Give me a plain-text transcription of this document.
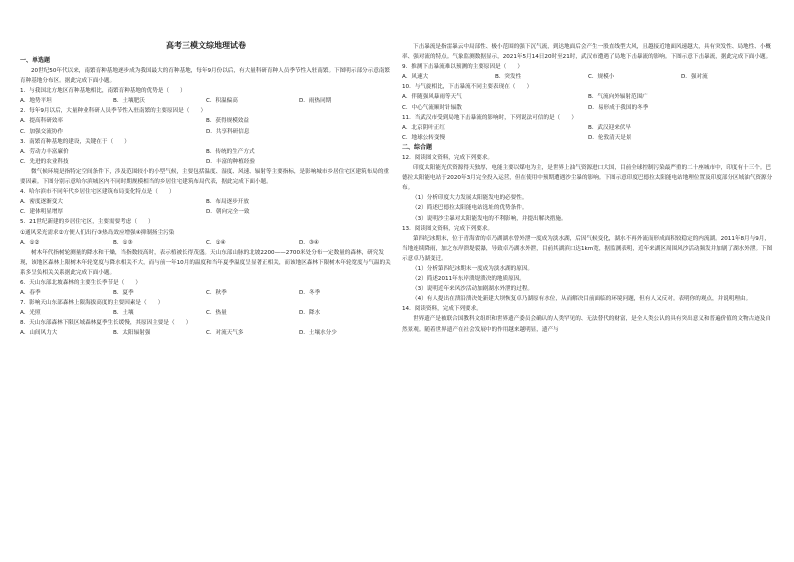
高考三模文综地理试卷
一、单选题

20世纪50年代以来，南繁育种基地逐步成为我国最大的育种基地，每年9月份以后，有大量科研育种人员季节性入驻南繁。下图明示部分示意南繁育种基地分布区。据此完成下面小题。

1．与我国北方地区育种基地相比，南繁育种基地的优势是（　　）

A．地势平坦	B．土壤肥沃	C．积温偏高	D．雨热同期

2．每年9月以后，大量种业科研人员季节性入驻南繁的主要原因是（　　）

A．提高科研效率	B．获得规模效益
C．加强交流协作	D．共享科研信息

3．南繁育种基地的建设，关键在于（　　）

A．劳动力丰富廉价	B．传统的生产方式
C．先进的农业科技	D．丰富的种植经验

微气候环境是指特定空间条件下，涉及范围较小的小型气候，主要包括温度、湿度、风速、辐射等主要指标，是影响城市乡居住宅区建筑布局的重要因素。下图分别示意哈尔滨城区内不同时期规模相当的乡居住宅建筑布局代表，据此完成下面小题。

4．哈尔滨市不同年代乡居住宅区建筑布局变化特点是（　　）

A．密度逐渐变大	B．布局逐步开放
C．建体明显增厚	D．朝向完全一致

5．21世纪新建的乡居住宅区，主要需要考虑（　　）

①通风采光需求②方便人们出行③热岛效应增强④抑制扬尘污染

A．①②	B．①③	C．①④	D．③④

树木年代指树轮测量的降水和干燥，当指数较高时，表示植被长得茂盛。天山东部山脉的北坡2200——2700米处分布一定数量的森林，研究发现，该地区森林上限树木年轮宽度与降水相关不大，而与前一年10月的温度和当年夏季温度呈显著正相关，而该地区森林下限树木年轮宽度与气温的关系多呈负相关关系据此完成下面小题。

6．天山东部北坡森林的主要生长季节是（　　）

A．春季	B．夏季	C．秋季	D．冬季

7．影响天山东部森林上限海拔高度的主要因素是（　　）

A．光照	B．土壤	C．热量	D．降水

8．天山东部森林下限区域森林夏季生长缓慢，其原因主要是（　　）

A．山间风力大	B．太阳辐射强	C．对流天气多	D．土壤水分少

下击暴流是指雷暴云中局部性、极小范围的强下沉气流，到达地面后会产生一股直线型大风，且越接近地面风速越大，具有突发性、局地性、小概率、强对流的特点。气象监测数据显示，2021年5月14日20时至21时，武汉市遭遇了局地下击暴流的影响。下图示意下击暴流，据此完成下面小题。

9．推测下击暴流难以预测的主要原因是（　　）

A．风速大	B．突发性	C．规模小	D．强对流

10．与气旋相比，下击暴流不同主要表现在（　　）

A．伴随强风暴雨等天气	B．气流向外辐射范围广
C．中心气流顺时针辐散	D．易形成于我国的冬季

11．当武汉市受到局地下击暴流的影响时，下列说法可信的是（　　）

A．北京阴叶正红	B．武汉迎来伏旱
C．地球公转变慢	D．伦敦清天是景
二、综合题

12．阅读图文资料，完成下列要求。

印度太阳能光伏资源得天独厚，电能主要以煤电为主，是世界上油气资源进口大国，目前全球控制污染最严重的二十座城市中，印度有十三个。巴德拉太阳能电站于2020年3月完全投入运营，但在使用中预期遭遇沙尘暴的影响。下图示意印度巴德拉太阳能电站地理位置及印度部分区域油气资源分布。

（1）分析印度大力发展太阳能发电的必要性。

（2）简述巴德拉太阳能电站选址的优势条件。

（3）说明沙尘暴对太阳能发电的不利影响，并提出解决措施。

13．阅读图文资料，完成下列要求。

第四纪冰期末，位于青海省的卓乃湖湖水曾外泄一度成为淡水湖，后因气候变化，湖水不再外流而形成面积较稳定的内流湖。2011年8月与9月，当地连续降雨，加之东岸溃堤裂瀑，导致卓乃湖水外泄，目前其湖滨口达1km宽，据监测表明，近年来湖区周围风沙活动频发并加剧了湖水外泄。下图示意卓乃湖变迁。

（1）分析第四纪冰期末一度成为淡水湖的原因。

（2）简述2011年东岸溃堤溃决的地质原因。

（3）说明近年来风沙活动加剧湖水外泄的过程。

（4）有人提出在溃沿溃决处新建大坝恢复卓乃湖原有水位，从而解决目前面临的环境问题，但有人又反对。表明你的观点，并说明理由。

14．阅读资料，完成下列要求。

世界遗产是被联合国教科文组织和世界遗产委员会确认的人类罕见的、无法替代的财富，是全人类公认的具有突出意义和普遍价值的文物古迹及自然景观。随着世界遗产在社会发展中的作用越来越明显，遗产与
